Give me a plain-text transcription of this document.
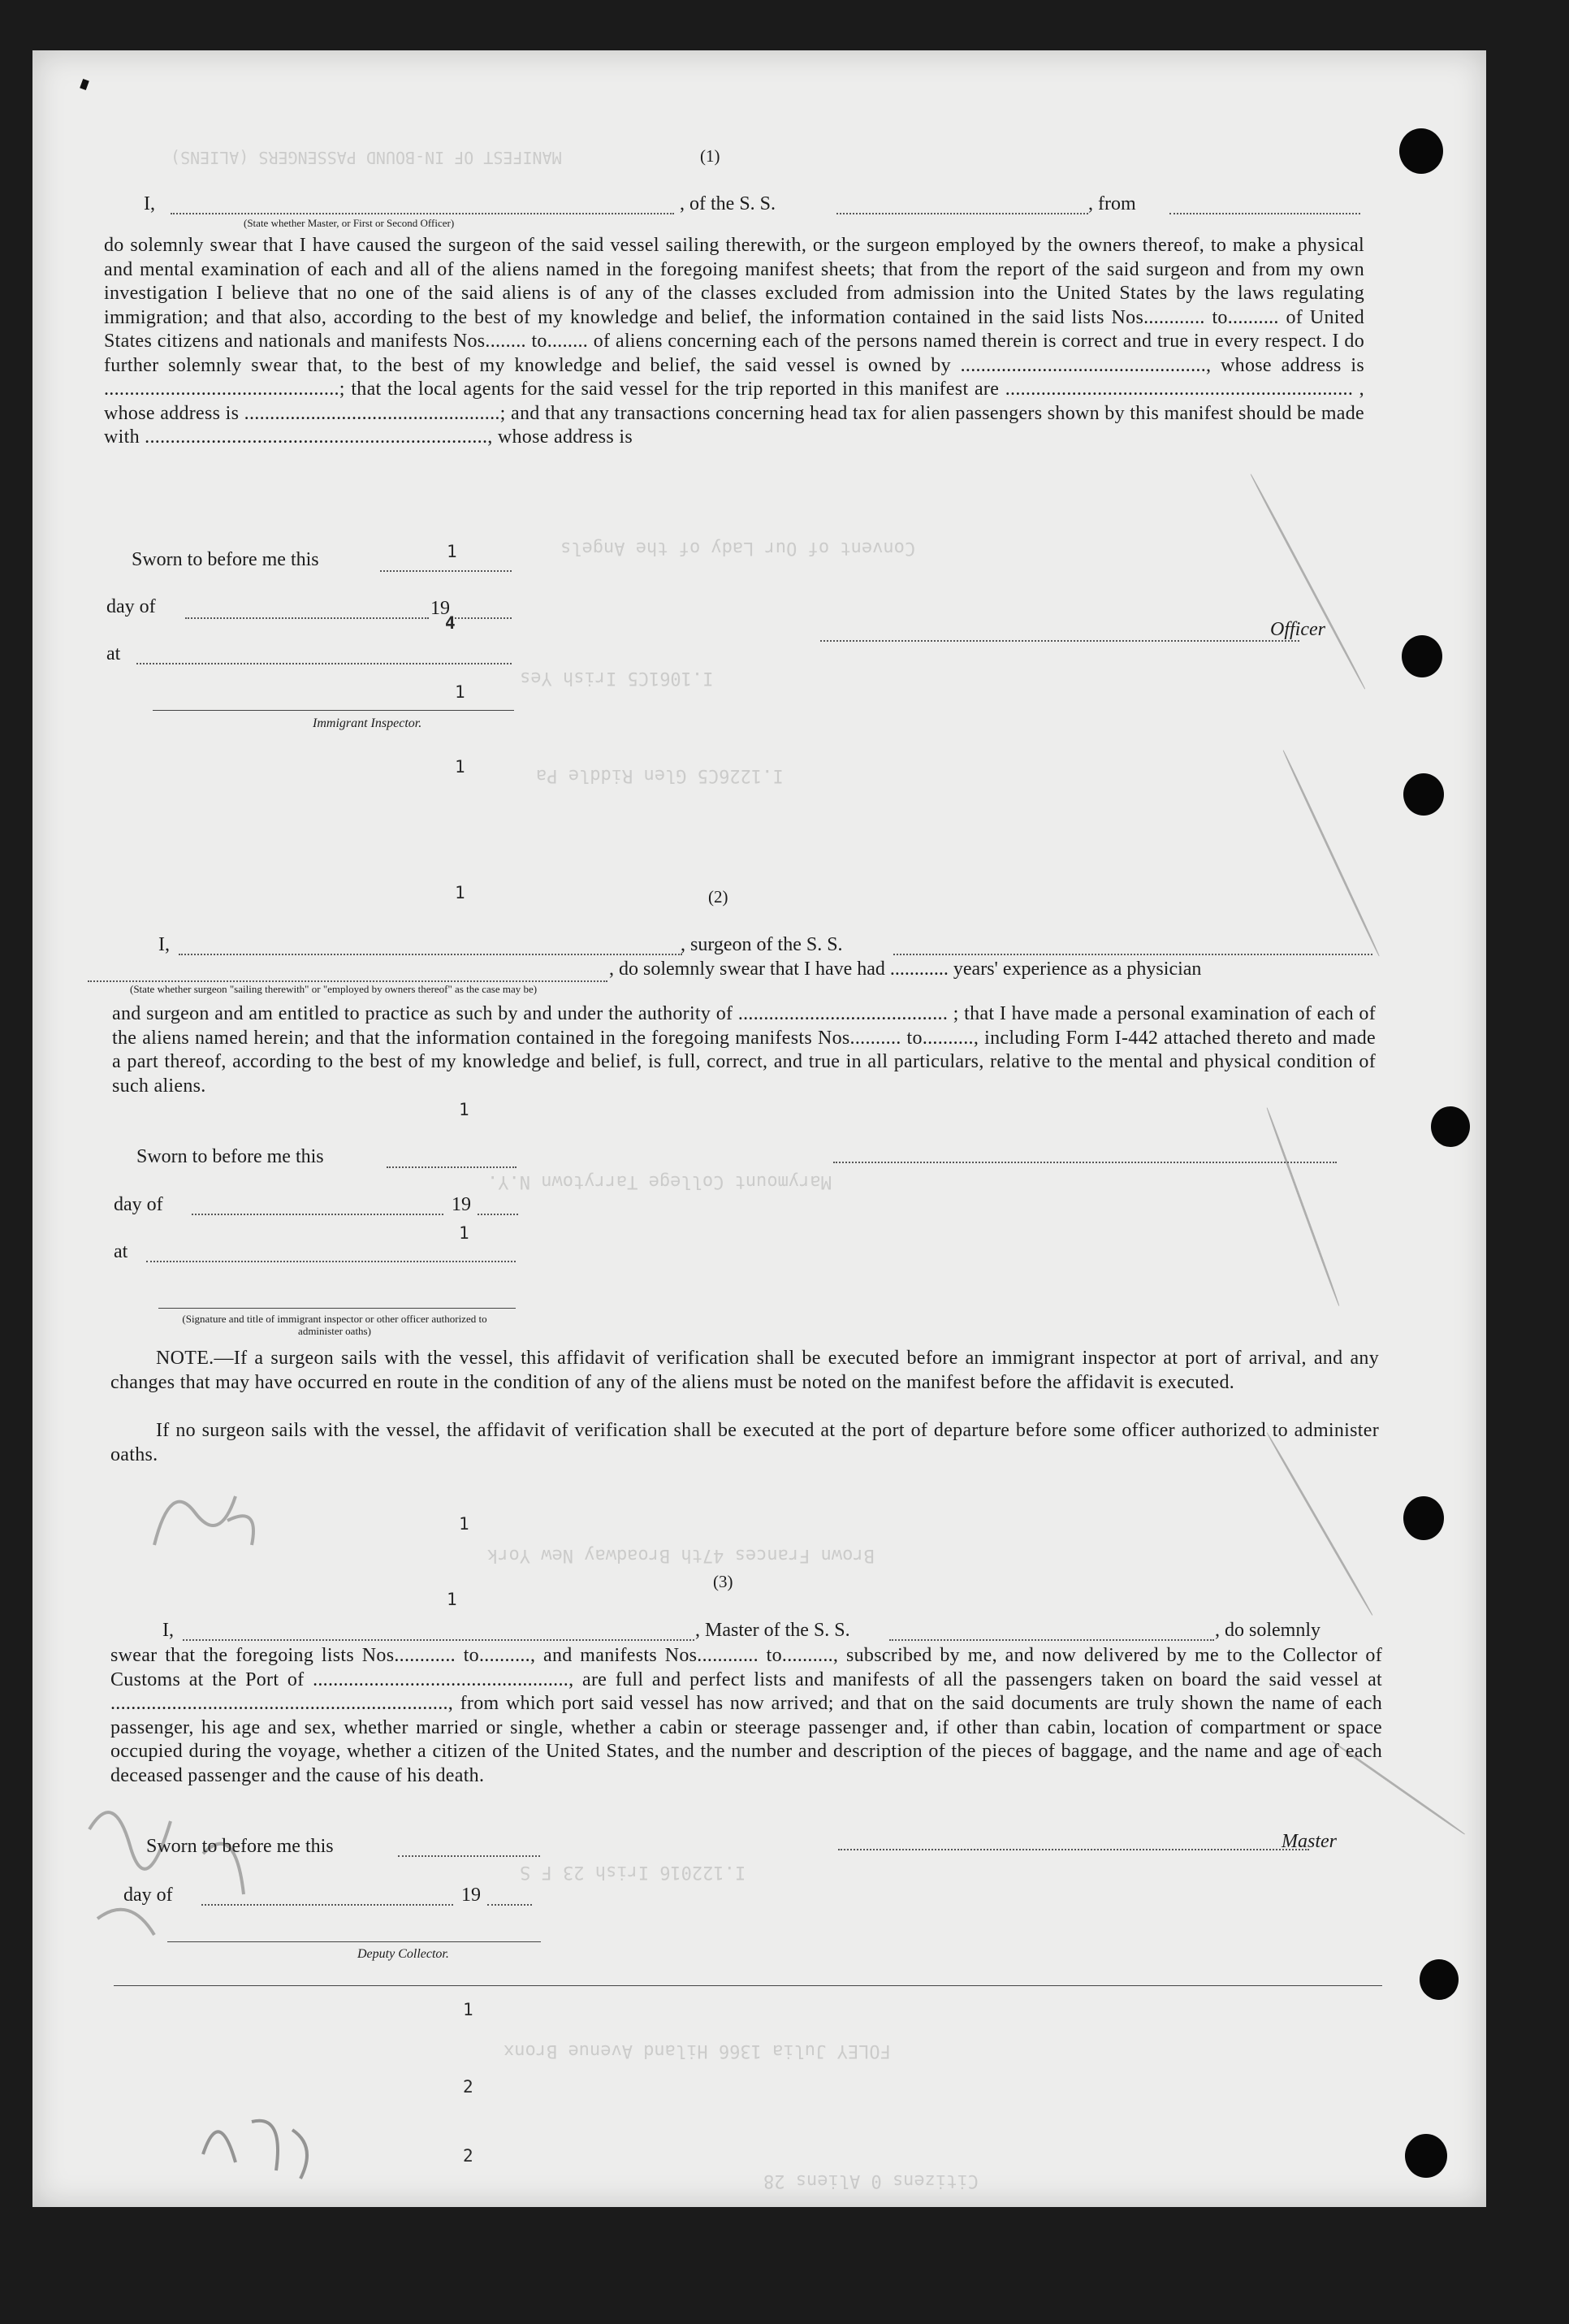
MANIFEST OF IN-BOUND PASSENGERS (ALIENS)
Convent of Our Lady of the Angels
I.1061C5 Irish Yes
I.1226C5 Glen Riddle Pa
Marymount College Tarrytown N.Y.
Brown Frances 47th Broadway New York
I.122016 Irish 23 F S
FOLEY Julia 1366 Hiland Avenue Bronx
Citizens 0 Aliens 28
(1)
I,	, of the S. S.	, from
(State whether Master, or First or Second Officer)
do solemnly swear that I have caused the surgeon of the said vessel sailing therewith, or the surgeon employed by the owners thereof, to make a physical and mental examination of each and all of the aliens named in the foregoing manifest sheets; that from the report of the said surgeon and from my own investigation I believe that no one of the said aliens is of any of the classes excluded from admission into the United States by the laws regulating immigration; and that also, according to the best of my knowledge and belief, the information contained in the said lists Nos............ to.......... of United States citizens and nationals and manifests Nos........ to........ of aliens concerning each of the persons named therein is correct and true in every respect. I do further solemnly swear that, to the best of my knowledge and belief, the said vessel is owned by ................................................, whose address is ..............................................; that the local agents for the said vessel for the trip reported in this manifest are .................................................................... , whose address is ..................................................; and that any transactions concerning head tax for alien passengers shown by this manifest should be made with ..................................................................., whose address is
Sworn to before me this	1
day of	19
4
at
Officer
1
Immigrant Inspector.
1
1	(2)
I,	, surgeon of the S. S.
, do solemnly swear that I have had ............ years' experience as a physician
(State whether surgeon "sailing therewith" or "employed by owners thereof" as the case may be)
and surgeon and am entitled to practice as such by and under the authority of ......................................... ; that I have made a personal examination of each of the aliens named herein; and that the information contained in the foregoing manifests Nos.......... to.........., including Form I-442 attached thereto and made a part thereof, according to the best of my knowledge and belief, is full, correct, and true in all particulars, relative to the mental and physical condition of such aliens.
Sworn to before me this
1
day of	19
at
1
(Signature and title of immigrant inspector or other officer authorized to administer oaths)
NOTE.—If a surgeon sails with the vessel, this affidavit of verification shall be executed before an immigrant inspector at port of arrival, and any changes that may have occurred en route in the condition of any of the aliens must be noted on the manifest before the affidavit is executed.
If no surgeon sails with the vessel, the affidavit of verification shall be executed at the port of departure before some officer authorized to administer oaths.
1
1
(3)
I,	, Master of the S. S.	, do solemnly
swear that the foregoing lists Nos............ to.........., and manifests Nos............ to.........., subscribed by me, and now delivered by me to the Collector of Customs at the Port of .................................................., are full and perfect lists and manifests of all the passengers taken on board the said vessel at .................................................................., from which port said vessel has now arrived; and that on the said documents are truly shown the name of each passenger, his age and sex, whether married or single, whether a cabin or steerage passenger and, if other than cabin, location of compartment or space occupied during the voyage, whether a citizen of the United States, and the number and description of the pieces of baggage, and the name and age of each deceased passenger and the cause of his death.
Sworn to before me this	Master
day of	19
Deputy Collector.
1
2
2
